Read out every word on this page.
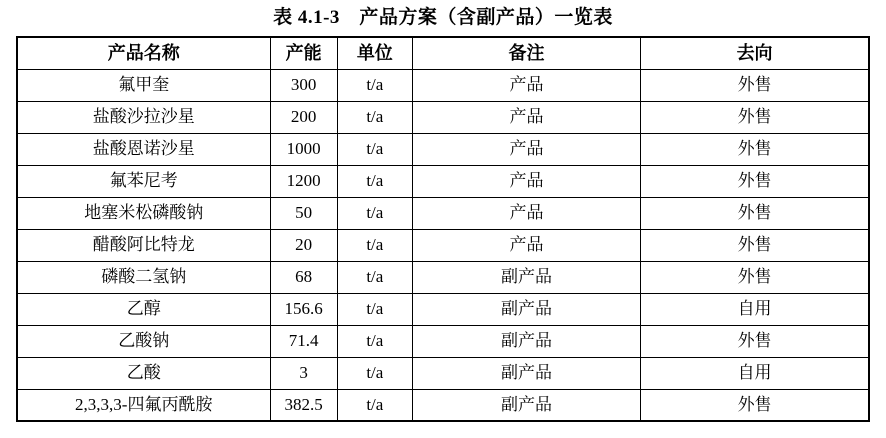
表 4.1-3　产品方案（含副产品）一览表
产品名称	产能	单位	备注	去向
氟甲奎	300	t/a	产品	外售
盐酸沙拉沙星	200	t/a	产品	外售
盐酸恩诺沙星	1000	t/a	产品	外售
氟苯尼考	1200	t/a	产品	外售
地塞米松磷酸钠	50	t/a	产品	外售
醋酸阿比特龙	20	t/a	产品	外售
磷酸二氢钠	68	t/a	副产品	外售
乙醇	156.6	t/a	副产品	自用
乙酸钠	71.4	t/a	副产品	外售
乙酸	3	t/a	副产品	自用
2,3,3,3-四氟丙酰胺	382.5	t/a	副产品	外售
